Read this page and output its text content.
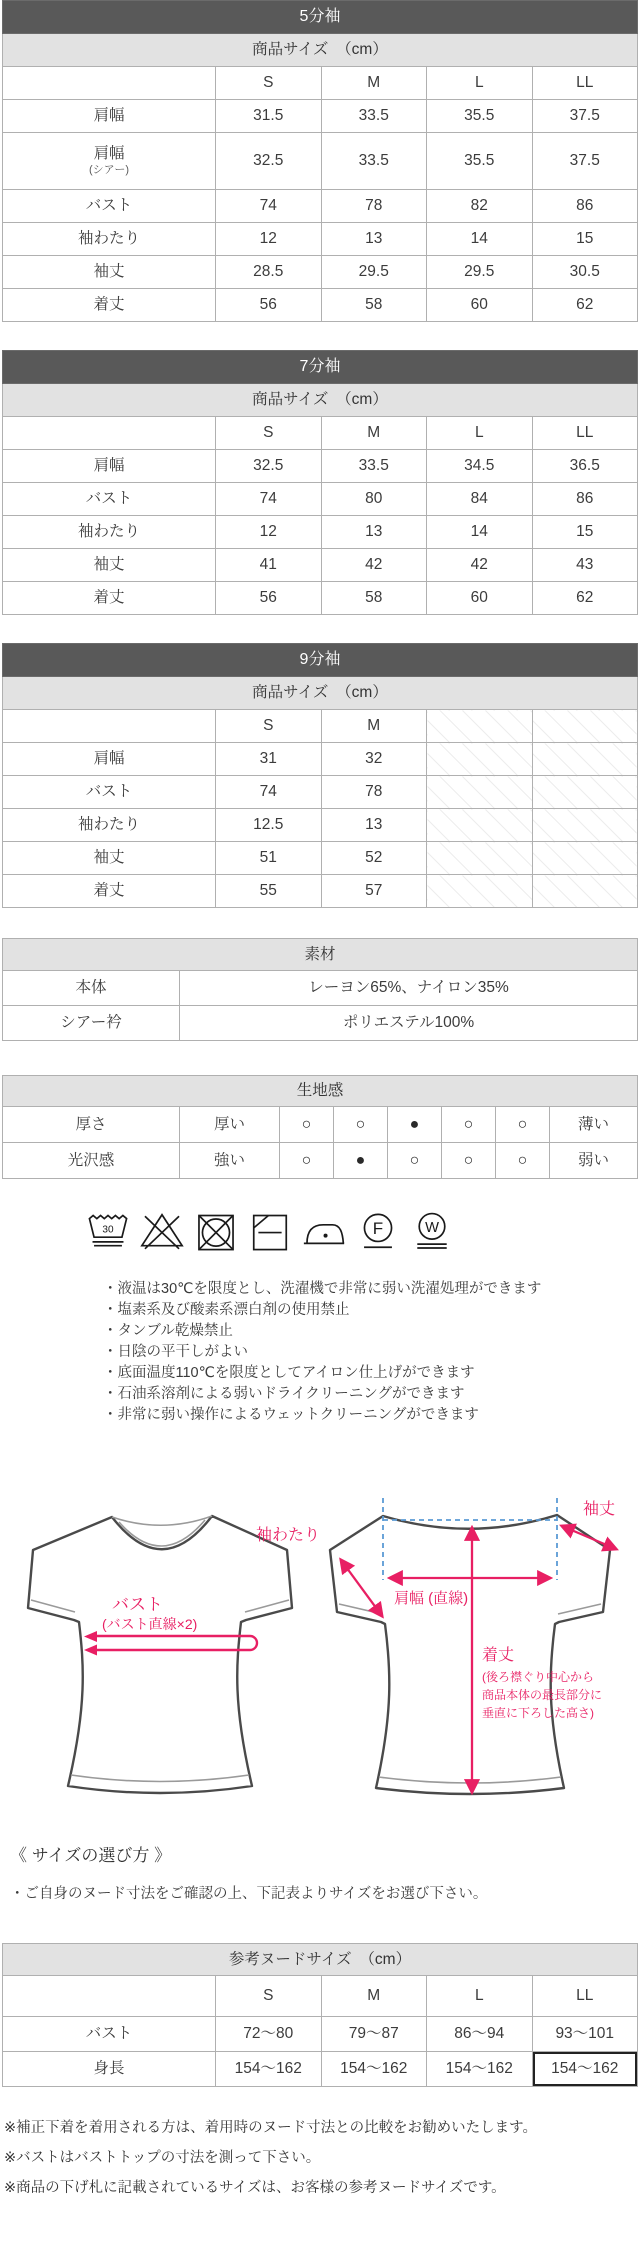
5分袖				
商品サイズ　（cm）				
	S	M	L	LL
肩幅	31.5	33.5	35.5	37.5
肩幅
(シアー)	32.5	33.5	35.5	37.5
バスト	74	78	82	86
袖わたり	12	13	14	15
袖丈	28.5	29.5	29.5	30.5
着丈	56	58	60	62
7分袖				
商品サイズ　（cm）				
	S	M	L	LL
肩幅	32.5	33.5	34.5	36.5
バスト	74	80	84	86
袖わたり	12	13	14	15
袖丈	41	42	42	43
着丈	56	58	60	62
9分袖				
商品サイズ　（cm）				
	S	M		
肩幅	31	32		
バスト	74	78		
袖わたり	12.5	13		
袖丈	51	52		
着丈	55	57		
素材	
本体	レーヨン65%、ナイロン35%
シアー衿	ポリエステル100%
生地感							
厚さ	厚い	○	○	●	○	○	薄い
光沢感	強い	○	●	○	○	○	弱い
30	F W
・液温は30℃を限度とし、洗濯機で非常に弱い洗濯処理ができます
・塩素系及び酸素系漂白剤の使用禁止
・タンブル乾燥禁止
・日陰の平干しがよい
・底面温度110℃を限度としてアイロン仕上げができます
・石油系溶剤による弱いドライクリーニングができます
・非常に弱い操作によるウェットクリーニングができます
バスト
(バスト直線×2)
袖わたり
袖丈
肩幅 (直線)
着丈
(後ろ襟ぐり中心から
商品本体の最長部分に
垂直に下ろした高さ)
《 サイズの選び方 》
・ご自身のヌード寸法をご確認の上、下記表よりサイズをお選び下さい。
参考ヌードサイズ　（cm）				
	S	M	L	LL
バスト	72〜80	79〜87	86〜94	93〜101
身長	154〜162	154〜162	154〜162	154〜162
※補正下着を着用される方は、着用時のヌード寸法との比較をお勧めいたします。
※バストはバストトップの寸法を測って下さい。
※商品の下げ札に記載されているサイズは、お客様の参考ヌードサイズです。
